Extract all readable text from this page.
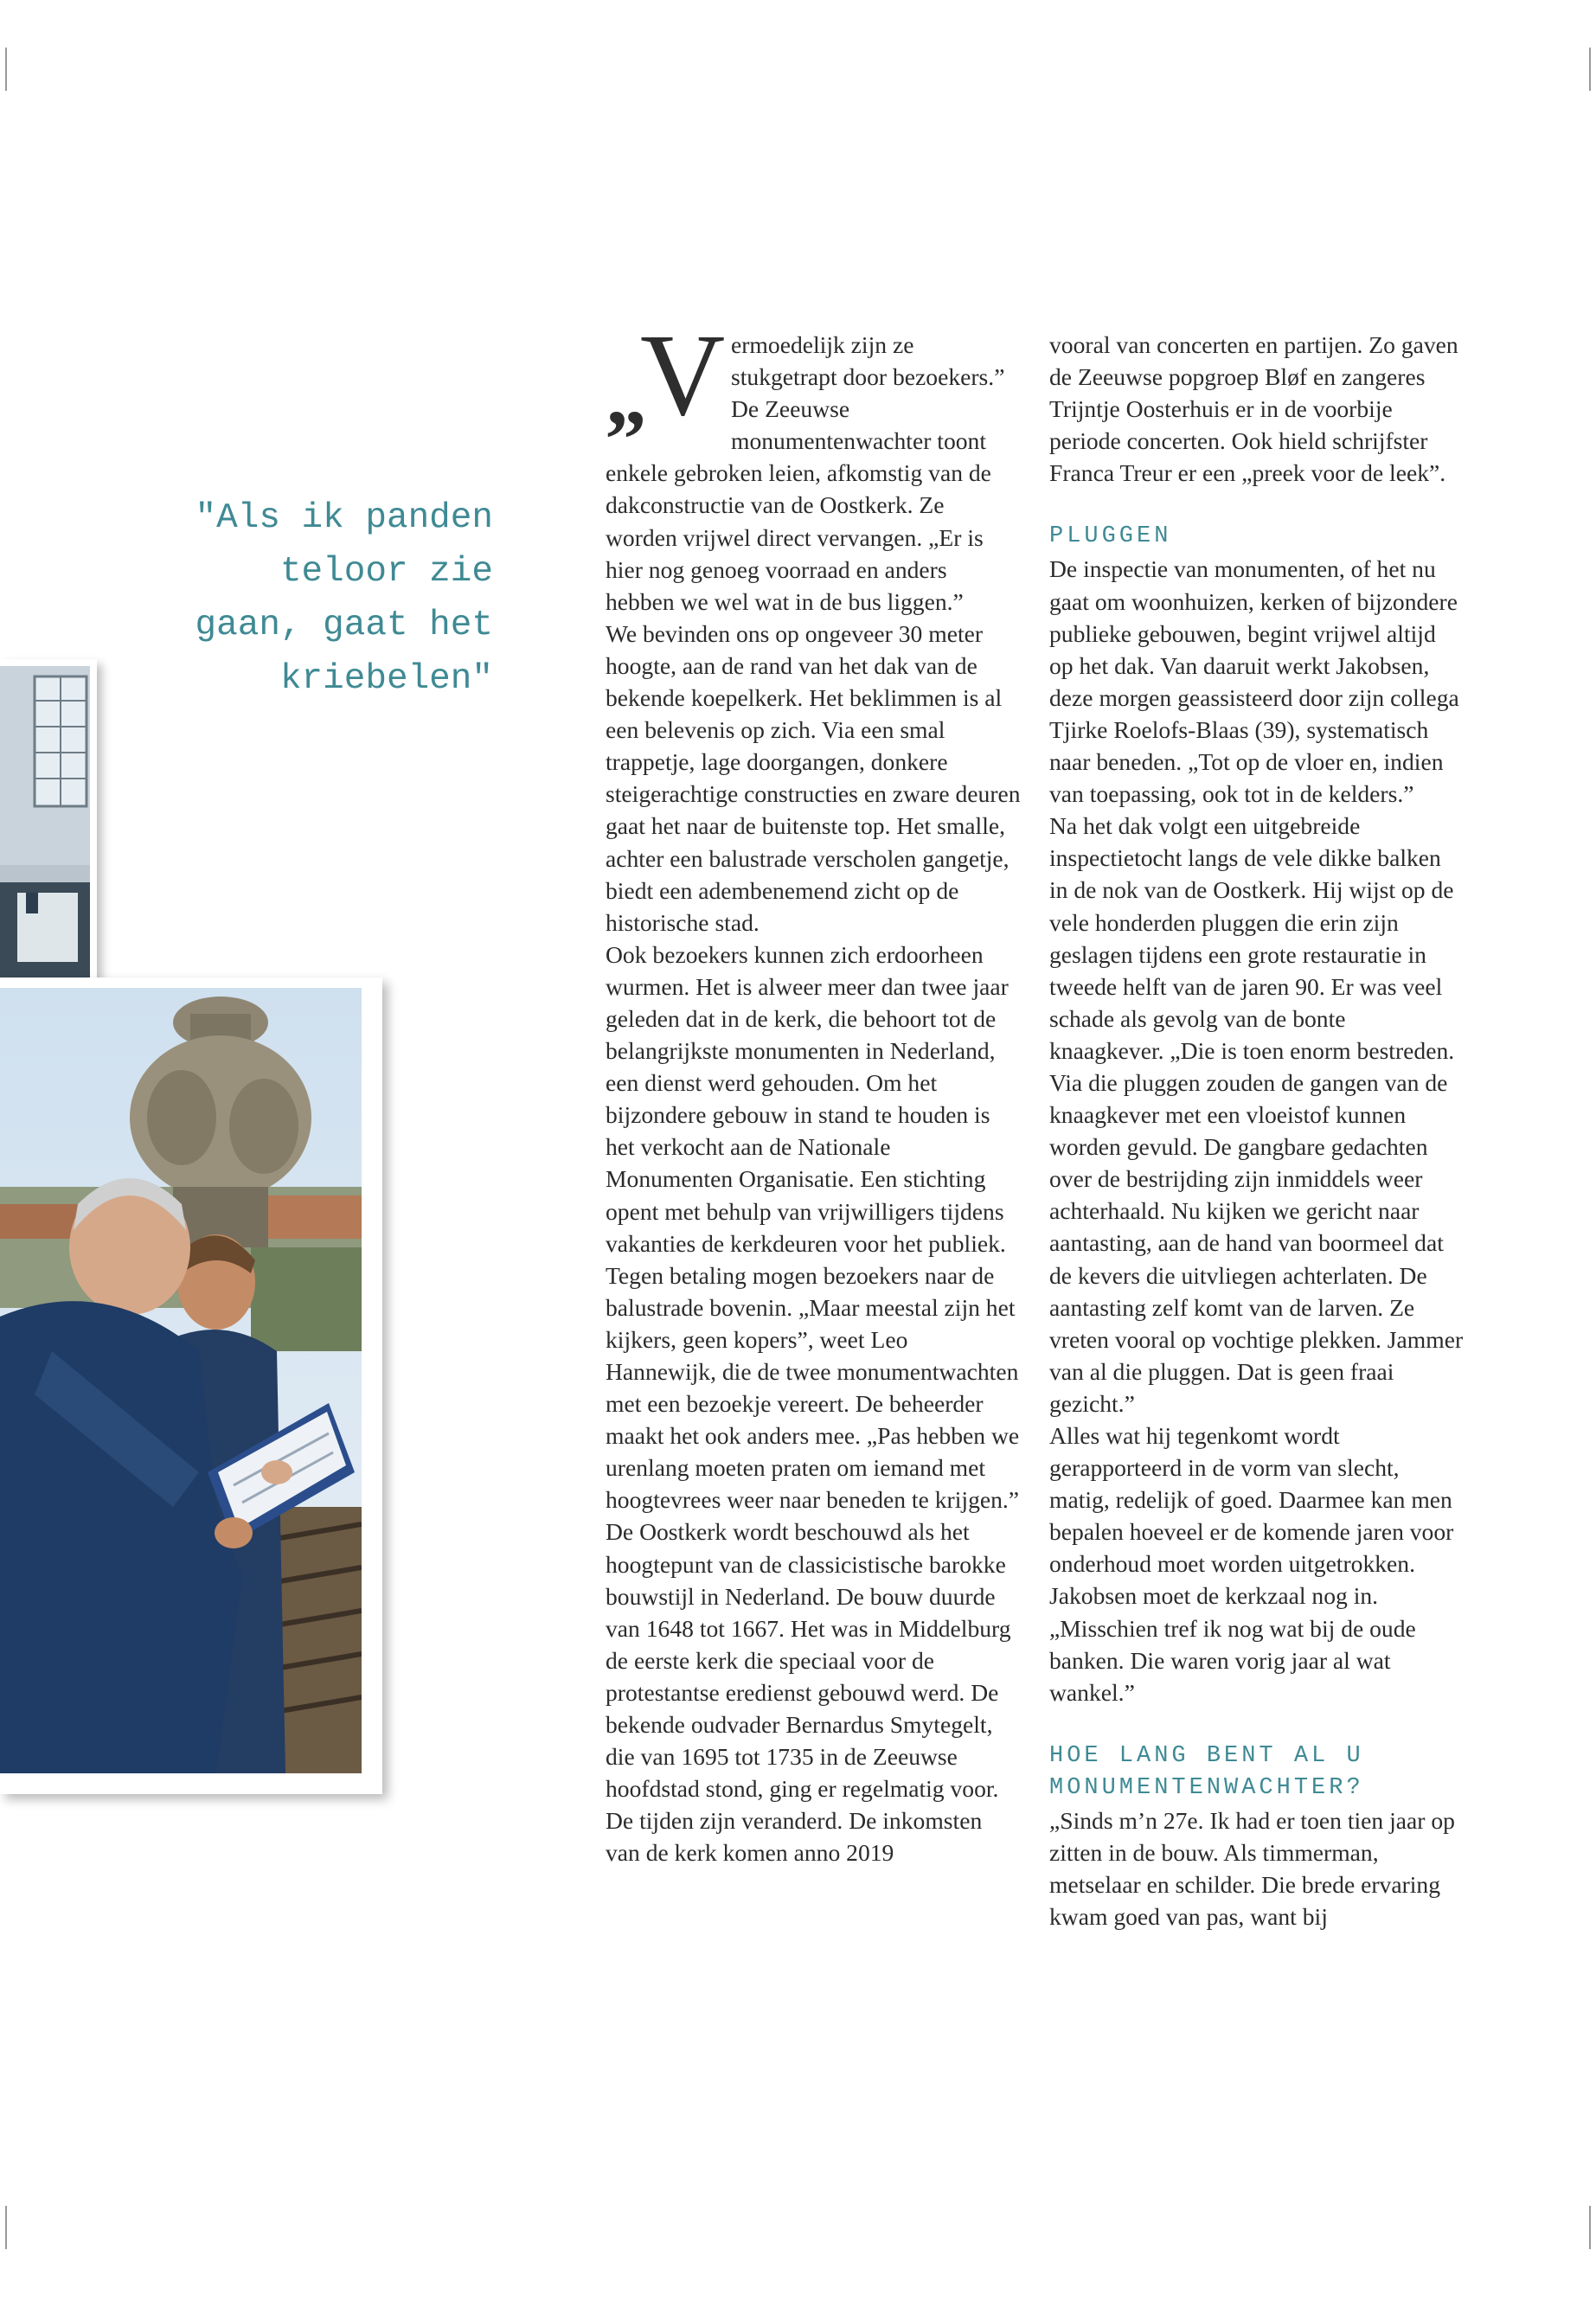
"Als ik panden
teloor zie
gaan, gaat het
kriebelen"
„
V ermoedelijk zijn ze stukgetrapt door bezoekers.” De Zeeuwse monumentenwachter toont enkele gebroken leien, afkomstig van de dakconstructie van de Oostkerk. Ze worden vrijwel direct vervangen. „Er is hier nog genoeg voorraad en anders hebben we wel wat in de bus liggen.”

We bevinden ons op ongeveer 30 meter hoogte, aan de rand van het dak van de bekende koepelkerk. Het beklimmen is al een belevenis op zich. Via een smal trappetje, lage doorgangen, donkere steigerachtige constructies en zware deuren gaat het naar de buitenste top. Het smalle, achter een balustrade verscholen gangetje, biedt een adembenemend zicht op de historische stad.

Ook bezoekers kunnen zich erdoorheen wurmen. Het is alweer meer dan twee jaar geleden dat in de kerk, die behoort tot de belangrijkste monumenten in Nederland, een dienst werd gehouden. Om het bijzondere gebouw in stand te houden is het verkocht aan de Nationale Monumenten Organisatie. Een stichting opent met behulp van vrijwilligers tijdens vakanties de kerkdeuren voor het publiek. Tegen betaling mogen bezoekers naar de balustrade bovenin. „Maar meestal zijn het kijkers, geen kopers”, weet Leo Hannewijk, die de twee monumentwachten met een bezoekje vereert. De beheerder maakt het ook anders mee. „Pas hebben we urenlang moeten praten om iemand met hoogtevrees weer naar beneden te krijgen.”

De Oostkerk wordt beschouwd als het hoogtepunt van de classicistische barokke bouwstijl in Nederland. De bouw duurde van 1648 tot 1667. Het was in Middelburg de eerste kerk die speciaal voor de protestantse eredienst gebouwd werd. De bekende oudvader Bernardus Smytegelt, die van 1695 tot 1735 in de Zeeuwse hoofdstad stond, ging er regelmatig voor.

De tijden zijn veranderd. De inkomsten van de kerk komen anno 2019

vooral van concerten en partijen. Zo gaven de Zeeuwse popgroep Bløf en zangeres Trijntje Oosterhuis er in de voorbije periode concerten. Ook hield schrijfster Franca Treur er een „preek voor de leek”.

PLUGGEN

De inspectie van monumenten, of het nu gaat om woonhuizen, kerken of bijzondere publieke gebouwen, begint vrijwel altijd op het dak. Van daaruit werkt Jakobsen, deze morgen geassisteerd door zijn collega Tjirke Roelofs-Blaas (39), systematisch naar beneden. „Tot op de vloer en, indien van toepassing, ook tot in de kelders.”

Na het dak volgt een uitgebreide inspectietocht langs de vele dikke balken in de nok van de Oostkerk. Hij wijst op de vele honderden pluggen die erin zijn geslagen tijdens een grote restauratie in tweede helft van de jaren 90. Er was veel schade als gevolg van de bonte knaagkever. „Die is toen enorm bestreden. Via die pluggen zouden de gangen van de knaagkever met een vloeistof kunnen worden gevuld. De gangbare gedachten over de bestrijding zijn inmiddels weer achterhaald. Nu kijken we gericht naar aantasting, aan de hand van boormeel dat de kevers die uitvliegen achterlaten. De aantasting zelf komt van de larven. Ze vreten vooral op vochtige plekken. Jammer van al die pluggen. Dat is geen fraai gezicht.”

Alles wat hij tegenkomt wordt gerapporteerd in de vorm van slecht, matig, redelijk of goed. Daarmee kan men bepalen hoeveel er de komende jaren voor onderhoud moet worden uitgetrokken. Jakobsen moet de kerkzaal nog in. „Misschien tref ik nog wat bij de oude banken. Die waren vorig jaar al wat wankel.”

HOE LANG BENT AL U MONUMENTENWACHTER?

„Sinds m’n 27e. Ik had er toen tien jaar op zitten in de bouw. Als timmerman, metselaar en schilder. Die brede ervaring kwam goed van pas, want bij
